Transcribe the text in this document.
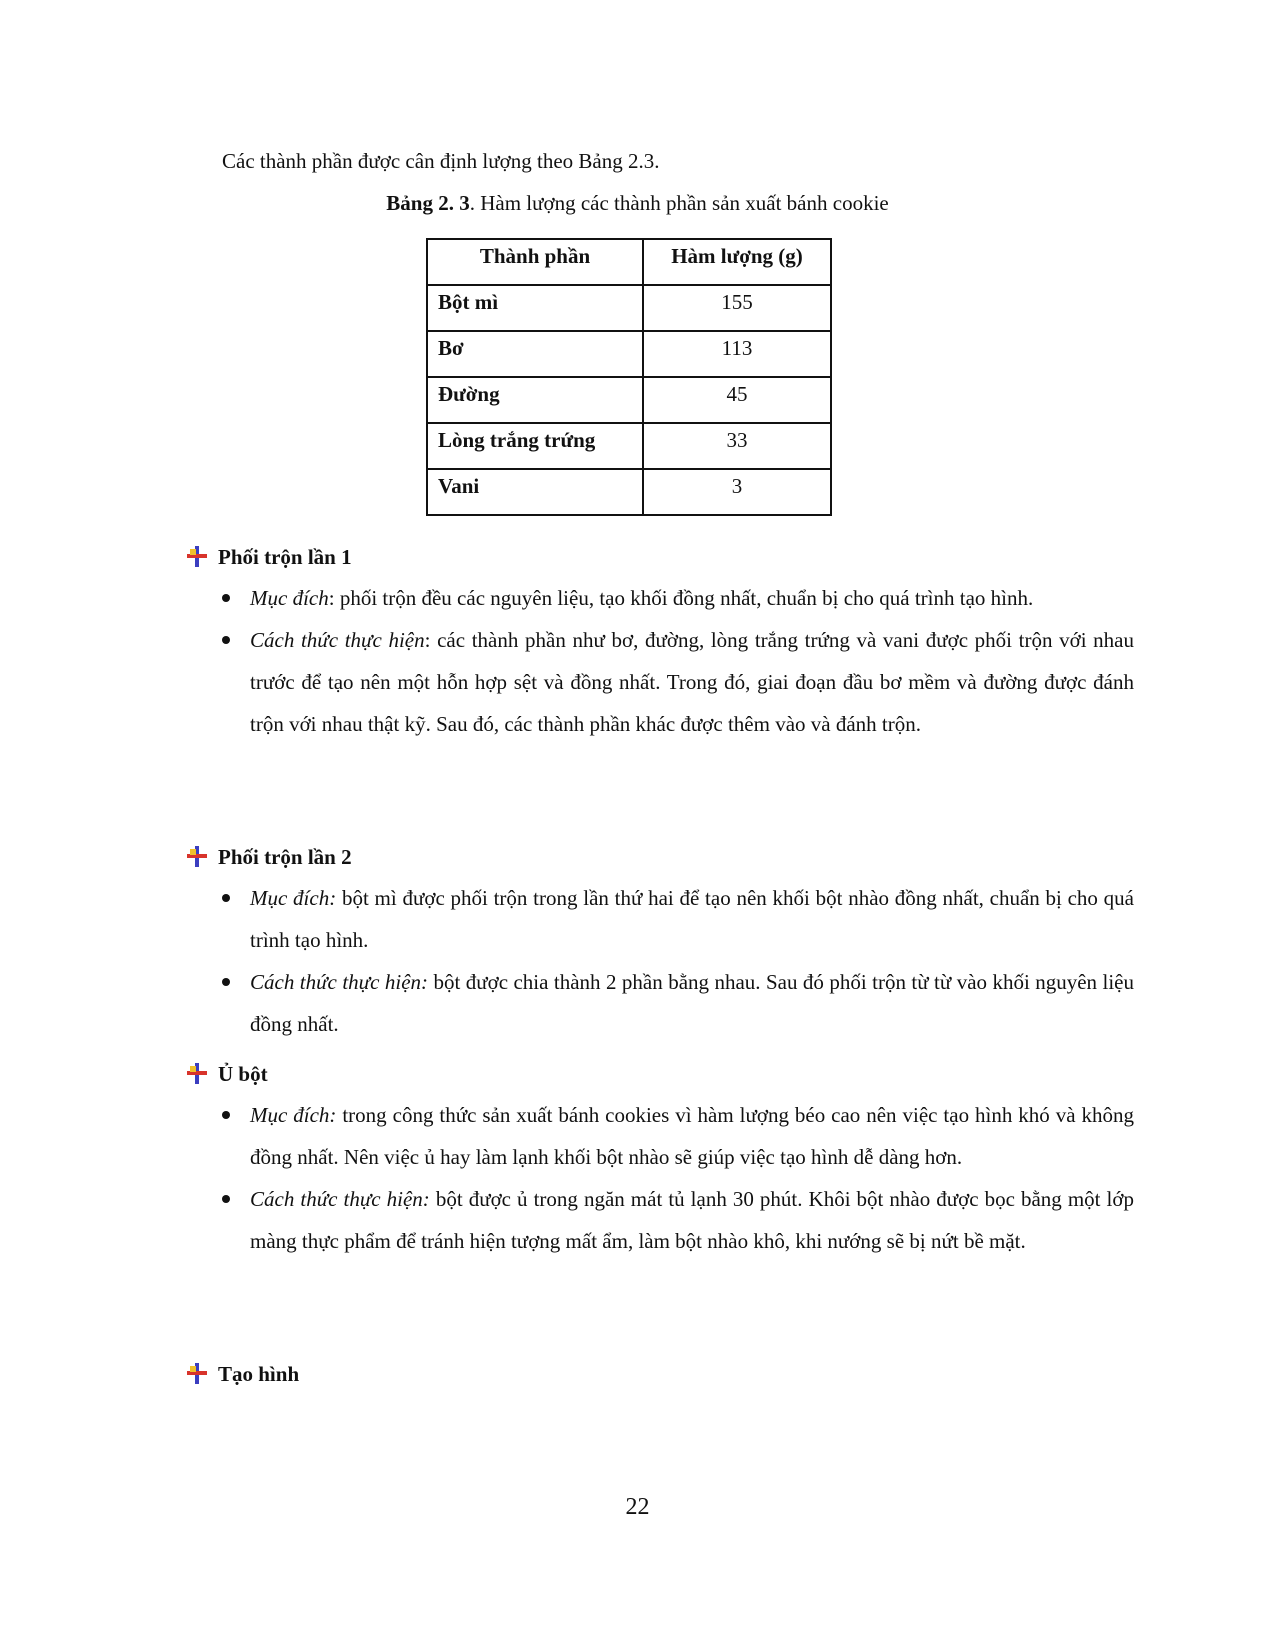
Các thành phần được cân định lượng theo Bảng 2.3.
Bảng 2. 3. Hàm lượng các thành phần sản xuất bánh cookie
Thành phần	Hàm lượng (g)
Bột mì	155
Bơ	113
Đường	45
Lòng trắng trứng	33
Vani	3
Phối trộn lần 1
Mục đích: phối trộn đều các nguyên liệu, tạo khối đồng nhất, chuẩn bị cho quá trình tạo hình.
Cách thức thực hiện: các thành phần như bơ, đường, lòng trắng trứng và vani được phối trộn với nhau trước để tạo nên một hỗn hợp sệt và đồng nhất. Trong đó, giai đoạn đầu bơ mềm và đường được đánh trộn với nhau thật kỹ. Sau đó, các thành phần khác được thêm vào và đánh trộn.
Phối trộn lần 2
Mục đích: bột mì được phối trộn trong lần thứ hai để tạo nên khối bột nhào đồng nhất, chuẩn bị cho quá trình tạo hình.
Cách thức thực hiện: bột được chia thành 2 phần bằng nhau. Sau đó phối trộn từ từ vào khối nguyên liệu đồng nhất.
Ủ bột
Mục đích: trong công thức sản xuất bánh cookies vì hàm lượng béo cao nên việc tạo hình khó và không đồng nhất. Nên việc ủ hay làm lạnh khối bột nhào sẽ giúp việc tạo hình dễ dàng hơn.
Cách thức thực hiện: bột được ủ trong ngăn mát tủ lạnh 30 phút. Khôi bột nhào được bọc bằng một lớp màng thực phẩm để tránh hiện tượng mất ẩm, làm bột nhào khô, khi nướng sẽ bị nứt bề mặt.
Tạo hình
22
